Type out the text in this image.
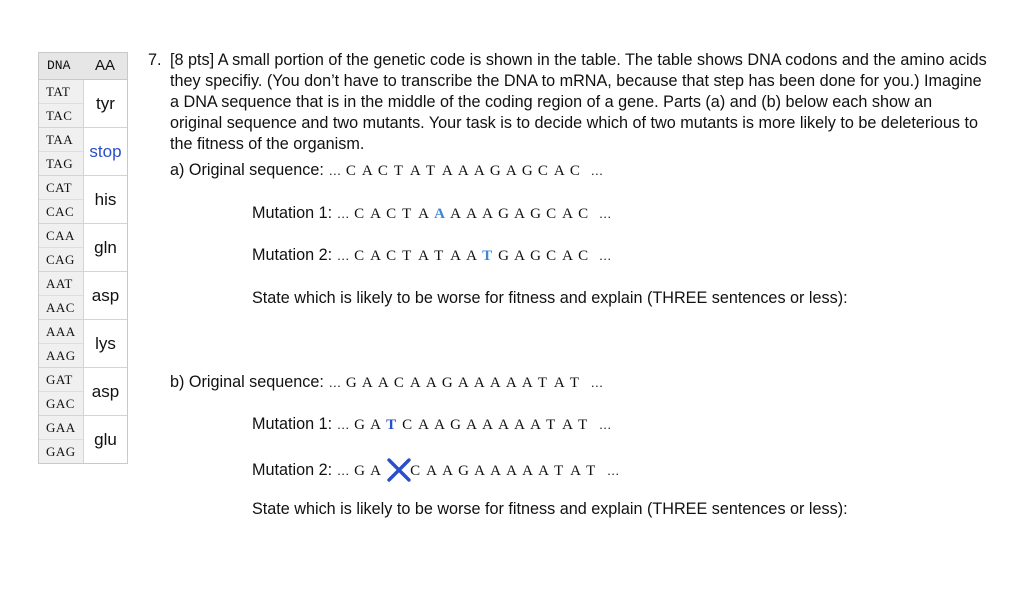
DNA	AA
TAT
TAC
tyr
TAA
TAG
stop
CAT
CAC
his
CAA
CAG
gln
AAT
AAC
asp
AAA
AAG
lys
GAT
GAC
asp
GAA
GAG
glu
7. [8 pts] A small portion of the genetic code is shown in the table. The table shows DNA codons and the amino acids they specifiy. (You don’t have to transcribe the DNA to mRNA, because that step has been done for you.) Imagine a DNA sequence that is in the middle of the coding region of a gene. Parts (a) and (b) below each show an original sequence and two mutants. Your task is to decide which of two mutants is more likely to be deleterious to the fitness of the organism.
a) Original sequence: … C A C T A T A A A G A G C A C …
Mutation 1: … C A C T A A A A A G A G C A C …
Mutation 2: … C A C T A T A A T G A G C A C …
State which is likely to be worse for fitness and explain (THREE sentences or less):
b) Original sequence: … G A A C A A G A A A A A T A T …
Mutation 1: … G A T C A A G A A A A A T A T …
Mutation 2: … G A C A A G A A A A A T A T …
State which is likely to be worse for fitness and explain (THREE sentences or less):
